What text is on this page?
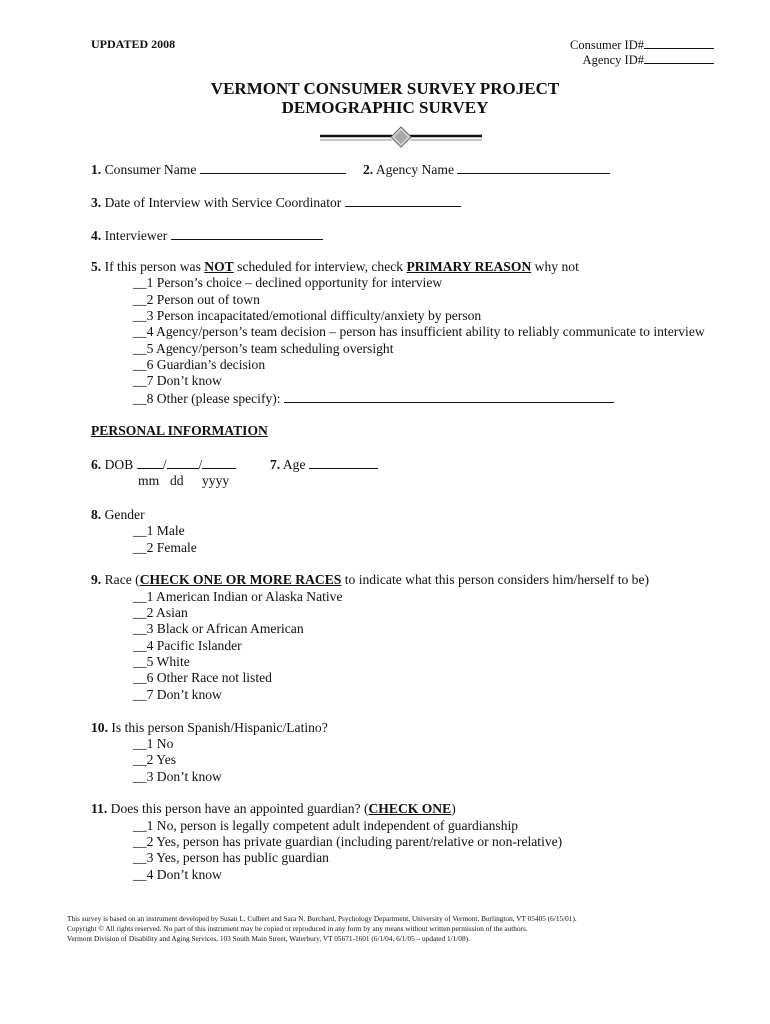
UPDATED 2008	Consumer ID#
Agency ID#
VERMONT CONSUMER SURVEY PROJECT
DEMOGRAPHIC SURVEY
1. Consumer Name	2. Agency Name
3. Date of Interview with Service Coordinator
4. Interviewer
5. If this person was NOT scheduled for interview, check PRIMARY REASON why not
__1 Person’s choice – declined opportunity for interview
__2 Person out of town
__3 Person incapacitated/emotional difficulty/anxiety by person
__4 Agency/person’s team decision – person has insufficient ability to reliably communicate to interview
__5 Agency/person’s team scheduling oversight
__6 Guardian’s decision
__7 Don’t know
__8 Other (please specify):
PERSONAL INFORMATION
6. DOB / /
mm dd yyyy
7. Age
8. Gender
__1 Male
__2 Female
9. Race (CHECK ONE OR MORE RACES to indicate what this person considers him/herself to be)
__1 American Indian or Alaska Native
__2 Asian
__3 Black or African American
__4 Pacific Islander
__5 White
__6 Other Race not listed
__7 Don’t know
10. Is this person Spanish/Hispanic/Latino?
__1 No
__2 Yes
__3 Don’t know
11. Does this person have an appointed guardian? (CHECK ONE)
__1 No, person is legally competent adult independent of guardianship
__2 Yes, person has private guardian (including parent/relative or non-relative)
__3 Yes, person has public guardian
__4 Don’t know
This survey is based on an instrument developed by Susan L. Culbert and Sara N. Burchard, Psychology Department, University of Vermont, Burlington, VT 05405 (6/15/01).
Copyright © All rights reserved. No part of this instrument may be copied or reproduced in any form by any means without written permission of the authors.
Vermont Division of Disability and Aging Services, 103 South Main Street, Waterbury, VT 05671-1601 (6/1/04, 6/1/05 – updated 1/1/08).
